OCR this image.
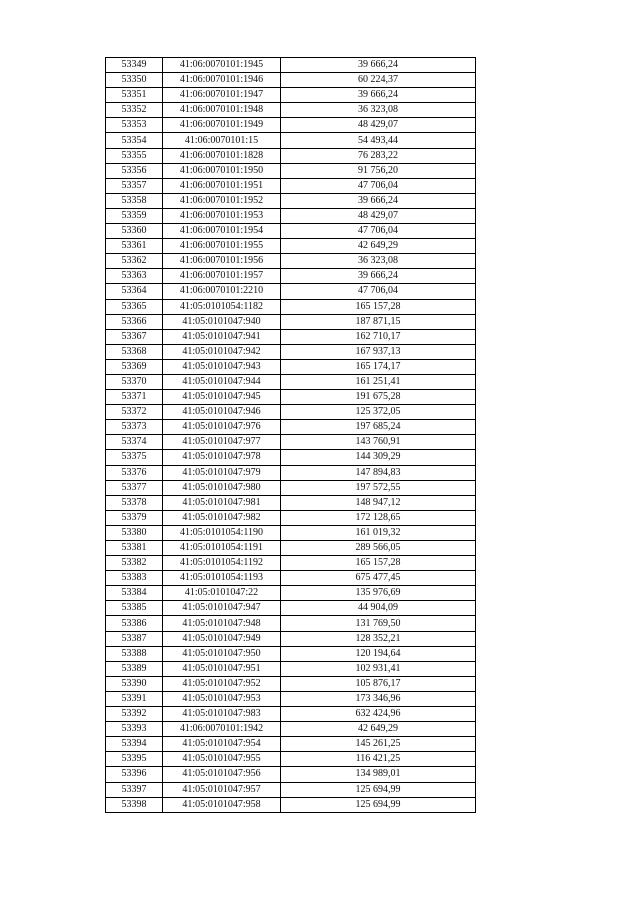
53349	41:06:0070101:1945	39 666,24
53350	41:06:0070101:1946	60 224,37
53351	41:06:0070101:1947	39 666,24
53352	41:06:0070101:1948	36 323,08
53353	41:06:0070101:1949	48 429,07
53354	41:06:0070101:15	54 493,44
53355	41:06:0070101:1828	76 283,22
53356	41:06:0070101:1950	91 756,20
53357	41:06:0070101:1951	47 706,04
53358	41:06:0070101:1952	39 666,24
53359	41:06:0070101:1953	48 429,07
53360	41:06:0070101:1954	47 706,04
53361	41:06:0070101:1955	42 649,29
53362	41:06:0070101:1956	36 323,08
53363	41:06:0070101:1957	39 666,24
53364	41:06:0070101:2210	47 706,04
53365	41:05:0101054:1182	165 157,28
53366	41:05:0101047:940	187 871,15
53367	41:05:0101047:941	162 710,17
53368	41:05:0101047:942	167 937,13
53369	41:05:0101047:943	165 174,17
53370	41:05:0101047:944	161 251,41
53371	41:05:0101047:945	191 675,28
53372	41:05:0101047:946	125 372,05
53373	41:05:0101047:976	197 685,24
53374	41:05:0101047:977	143 760,91
53375	41:05:0101047:978	144 309,29
53376	41:05:0101047:979	147 894,83
53377	41:05:0101047:980	197 572,55
53378	41:05:0101047:981	148 947,12
53379	41:05:0101047:982	172 128,65
53380	41:05:0101054:1190	161 019,32
53381	41:05:0101054:1191	289 566,05
53382	41:05:0101054:1192	165 157,28
53383	41:05:0101054:1193	675 477,45
53384	41:05:0101047:22	135 976,69
53385	41:05:0101047:947	44 904,09
53386	41:05:0101047:948	131 769,50
53387	41:05:0101047:949	128 352,21
53388	41:05:0101047:950	120 194,64
53389	41:05:0101047:951	102 931,41
53390	41:05:0101047:952	105 876,17
53391	41:05:0101047:953	173 346,96
53392	41:05:0101047:983	632 424,96
53393	41:06:0070101:1942	42 649,29
53394	41:05:0101047:954	145 261,25
53395	41:05:0101047:955	116 421,25
53396	41:05:0101047:956	134 989,01
53397	41:05:0101047:957	125 694,99
53398	41:05:0101047:958	125 694,99
